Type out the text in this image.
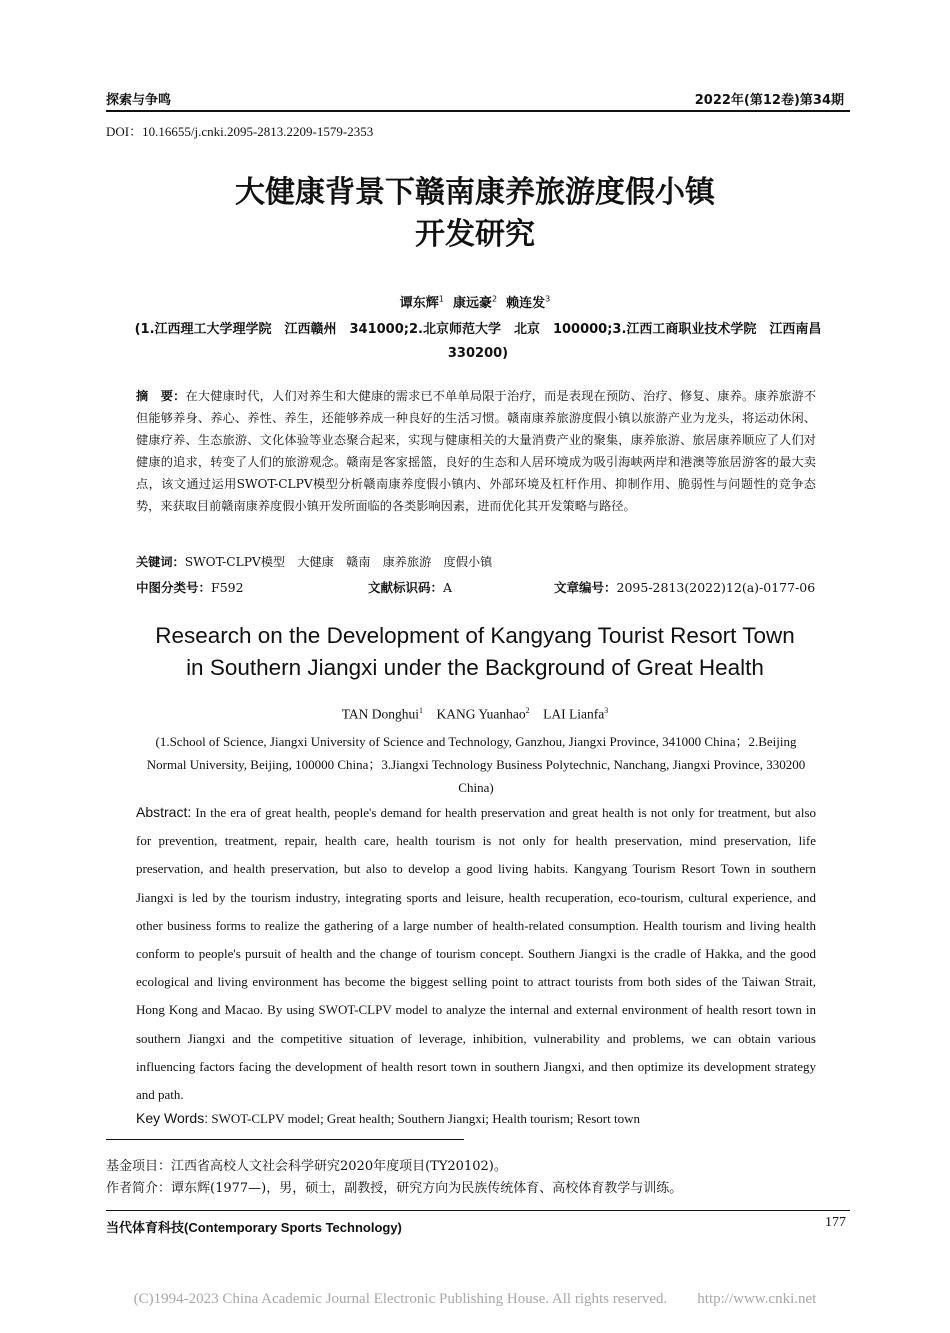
探索与争鸣	2022年(第12卷)第34期
DOI：10.16655/j.cnki.2095-2813.2209-1579-2353
大健康背景下赣南康养旅游度假小镇
开发研究
谭东辉$^1$ 康远豪$^2$ 赖连发$^3$
(1.江西理工大学理学院　江西赣州　341000;2.北京师范大学　北京　100000;3.江西工商职业技术学院　江西南昌　330200)
摘　要：在大健康时代，人们对养生和大健康的需求已不单单局限于治疗，而是表现在预防、治疗、修复、康养。康养旅游不但能够养身、养心、养性、养生，还能够养成一种良好的生活习惯。赣南康养旅游度假小镇以旅游产业为龙头，将运动休闲、健康疗养、生态旅游、文化体验等业态聚合起来，实现与健康相关的大量消费产业的聚集，康养旅游、旅居康养顺应了人们对健康的追求，转变了人们的旅游观念。赣南是客家摇篮，良好的生态和人居环境成为吸引海峡两岸和港澳等旅居游客的最大卖点，该文通过运用SWOT-CLPV模型分析赣南康养度假小镇内、外部环境及杠杆作用、抑制作用、脆弱性与问题性的竞争态势，来获取目前赣南康养度假小镇开发所面临的各类影响因素，进而优化其开发策略与路径。
关键词：SWOT-CLPV模型　大健康　赣南　康养旅游　度假小镇
中图分类号：F592	文献标识码：A	文章编号：2095-2813(2022)12(a)-0177-06
Research on the Development of Kangyang Tourist Resort Town
in Southern Jiangxi under the Background of Great Health
TAN Donghui$^1$ KANG Yuanhao$^2$ LAI Lianfa$^3$
(1.School of Science, Jiangxi University of Science and Technology, Ganzhou, Jiangxi Province, 341000 China；2.Beijing Normal University, Beijing, 100000 China；3.Jiangxi Technology Business Polytechnic, Nanchang, Jiangxi Province, 330200 China)
Abstract: In the era of great health, people's demand for health preservation and great health is not only for treatment, but also for prevention, treatment, repair, health care, health tourism is not only for health preservation, mind preservation, life preservation, and health preservation, but also to develop a good living habits. Kangyang Tourism Resort Town in southern Jiangxi is led by the tourism industry, integrating sports and leisure, health recuperation, eco-tourism, cultural experience, and other business forms to realize the gathering of a large number of health-related consumption. Health tourism and living health conform to people's pursuit of health and the change of tourism concept. Southern Jiangxi is the cradle of Hakka, and the good ecological and living environment has become the biggest selling point to attract tourists from both sides of the Taiwan Strait, Hong Kong and Macao. By using SWOT-CLPV model to analyze the internal and external environment of health resort town in southern Jiangxi and the competitive situation of leverage, inhibition, vulnerability and problems, we can obtain various influencing factors facing the development of health resort town in southern Jiangxi, and then optimize its development strategy and path.
Key Words: SWOT-CLPV model; Great health; Southern Jiangxi; Health tourism; Resort town
基金项目：江西省高校人文社会科学研究2020年度项目(TY20102)。
作者简介：谭东辉(1977—)，男，硕士，副教授，研究方向为民族传统体育、高校体育教学与训练。
当代体育科技(Contemporary Sports Technology)	177
(C)1994-2023 China Academic Journal Electronic Publishing House. All rights reserved.　　http://www.cnki.net
